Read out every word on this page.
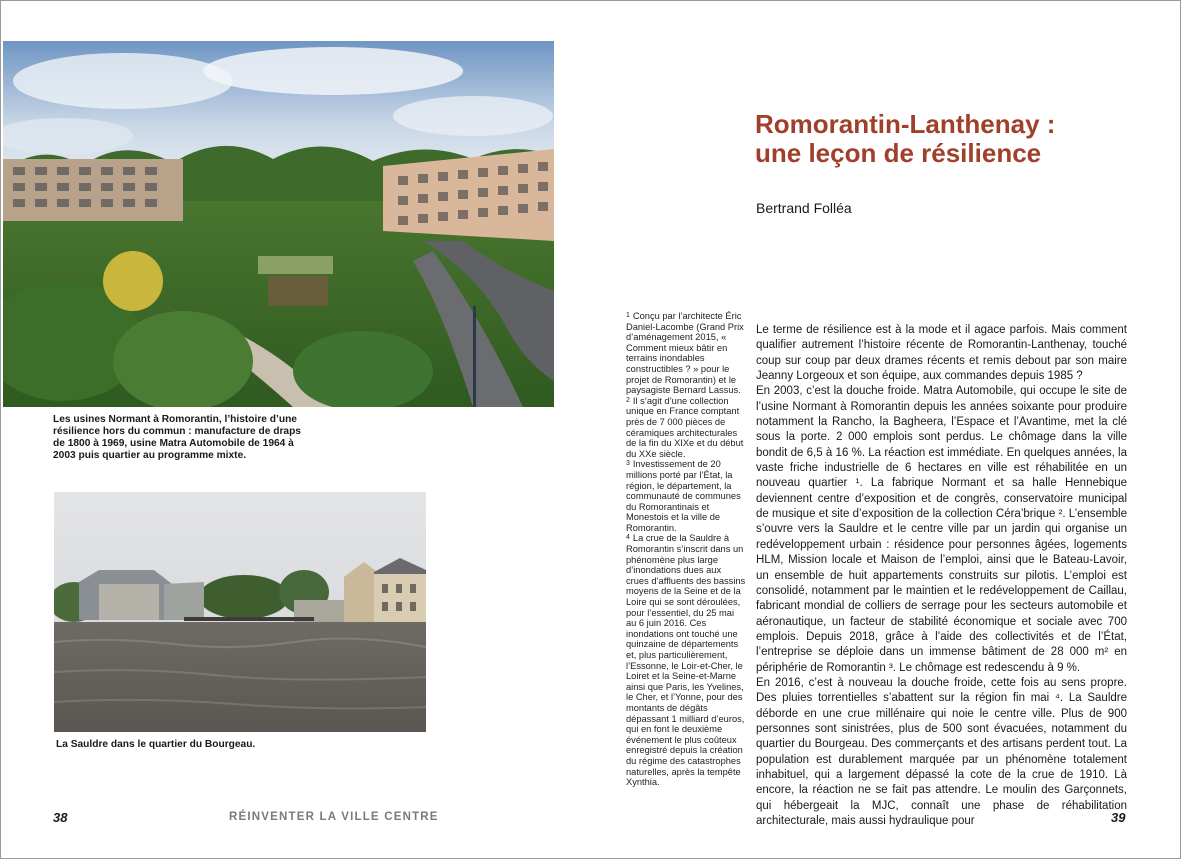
Les usines Normant à Romorantin, l’histoire d’une résilience hors du commun : manufacture de draps de 1800 à 1969, usine Matra Automobile de 1964 à 2003 puis quartier au programme mixte.
La Sauldre dans le quartier du Bourgeau.

$^1$ Conçu par l’architecte Éric Daniel-Lacombe (Grand Prix d’aménagement 2015, « Comment mieux bâtir en terrains inondables constructibles ? » pour le projet de Romorantin) et le paysagiste Bernard Lassus.

$^2$ Il s’agit d’une collection unique en France comptant près de 7 000 pièces de céramiques architecturales de la fin du XIXe et du début du XXe siècle.

$^3$ Investissement de 20 millions porté par l’État, la région, le département, la communauté de communes du Romorantinais et Monestois et la ville de Romorantin.

$^4$ La crue de la Sauldre à Romorantin s’inscrit dans un phénomène plus large d’inondations dues aux crues d’affluents des bassins moyens de la Seine et de la Loire qui se sont déroulées, pour l’essentiel, du 25 mai au 6 juin 2016. Ces inondations ont touché une quinzaine de départements et, plus particulièrement, l’Essonne, le Loir-et-Cher, le Loiret et la Seine-et-Marne ainsi que Paris, les Yvelines, le Cher, et l’Yonne, pour des montants de dégâts dépassant 1 milliard d’euros, qui en font le deuxième événement le plus coûteux enregistré depuis la création du régime des catastrophes naturelles, après la tempête Xynthia.

Romorantin-Lanthenay :
une leçon de résilience
Bertrand Folléa

Le terme de résilience est à la mode et il agace parfois. Mais comment qualifier autrement l’histoire récente de Romorantin-Lanthenay, touché coup sur coup par deux drames récents et remis debout par son maire Jeanny Lorgeoux et son équipe, aux commandes depuis 1985 ?

En 2003, c’est la douche froide. Matra Automobile, qui occupe le site de l’usine Normant à Romorantin depuis les années soixante pour produire notamment la Rancho, la Bagheera, l’Espace et l’Avantime, met la clé sous la porte. 2 000 emplois sont perdus. Le chômage dans la ville bondit de 6,5 à 16 %. La réaction est immédiate. En quelques années, la vaste friche industrielle de 6 hectares en ville est réhabilitée en un nouveau quartier ¹. La fabrique Normant et sa halle Hennebique deviennent centre d’exposition et de congrès, conservatoire municipal de musique et site d’exposition de la collection Céra’brique ². L’ensemble s’ouvre vers la Sauldre et le centre ville par un jardin qui organise un redéveloppement urbain : résidence pour personnes âgées, logements HLM, Mission locale et Maison de l’emploi, ainsi que le Bateau-Lavoir, un ensemble de huit appartements construits sur pilotis. L’emploi est consolidé, notamment par le maintien et le redéveloppement de Caillau, fabricant mondial de colliers de serrage pour les secteurs automobile et aéronautique, un facteur de stabilité économique et sociale avec 700 emplois. Depuis 2018, grâce à l’aide des collectivités et de l’État, l’entreprise se déploie dans un immense bâtiment de 28 000 m² en périphérie de Romorantin ³. Le chômage est redescendu à 9 %.

En 2016, c’est à nouveau la douche froide, cette fois au sens propre. Des pluies torrentielles s’abattent sur la région fin mai ⁴. La Sauldre déborde en une crue millénaire qui noie le centre ville. Plus de 900 personnes sont sinistrées, plus de 500 sont évacuées, notamment du quartier du Bourgeau. Des commerçants et des artisans perdent tout. La population est durablement marquée par un phénomène totalement inhabituel, qui a largement dépassé la cote de la crue de 1910. Là encore, la réaction ne se fait pas attendre. Le moulin des Garçonnets, qui hébergeait la MJC, connaît une phase de réhabilitation architecturale, mais aussi hydraulique pour

38	RÉINVENTER LA VILLE CENTRE	39
